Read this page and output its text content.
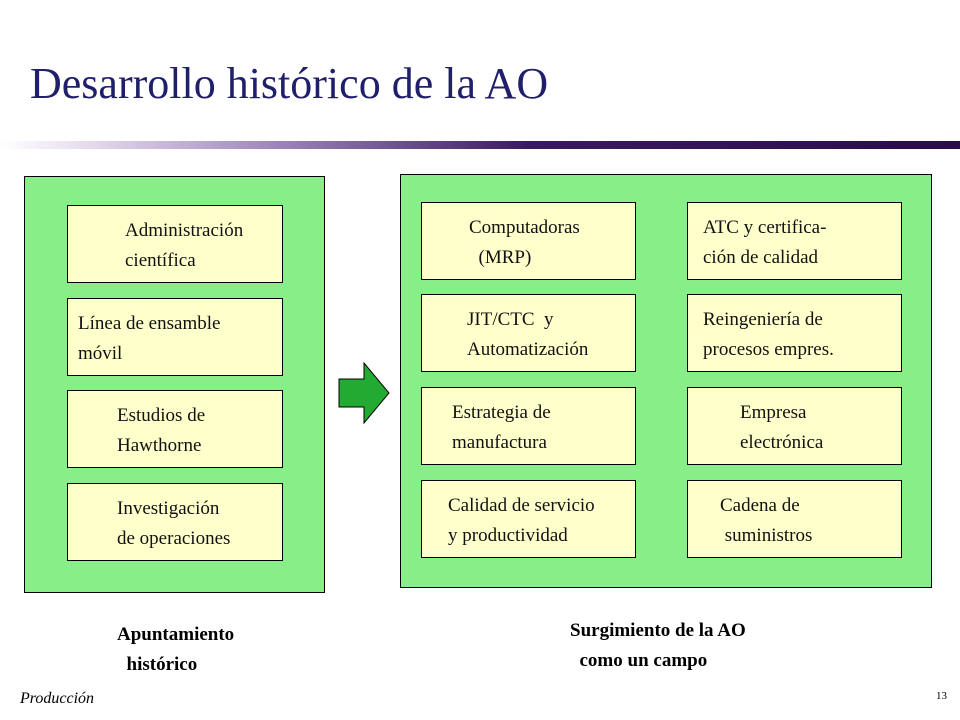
Desarrollo histórico de la AO
Administración
científica
Línea de ensamble
móvil
Estudios de
Hawthorne
Investigación
de operaciones
Apuntamiento
histórico
Computadoras
(MRP)
ATC y certifica-
ción de calidad
JIT/CTC  y
Automatización
Reingeniería de
procesos empres.
Estrategia de
manufactura
Empresa
electrónica
Calidad de servicio
y productividad
Cadena de
suministros
Surgimiento de la AO
como un campo
Producción	13
